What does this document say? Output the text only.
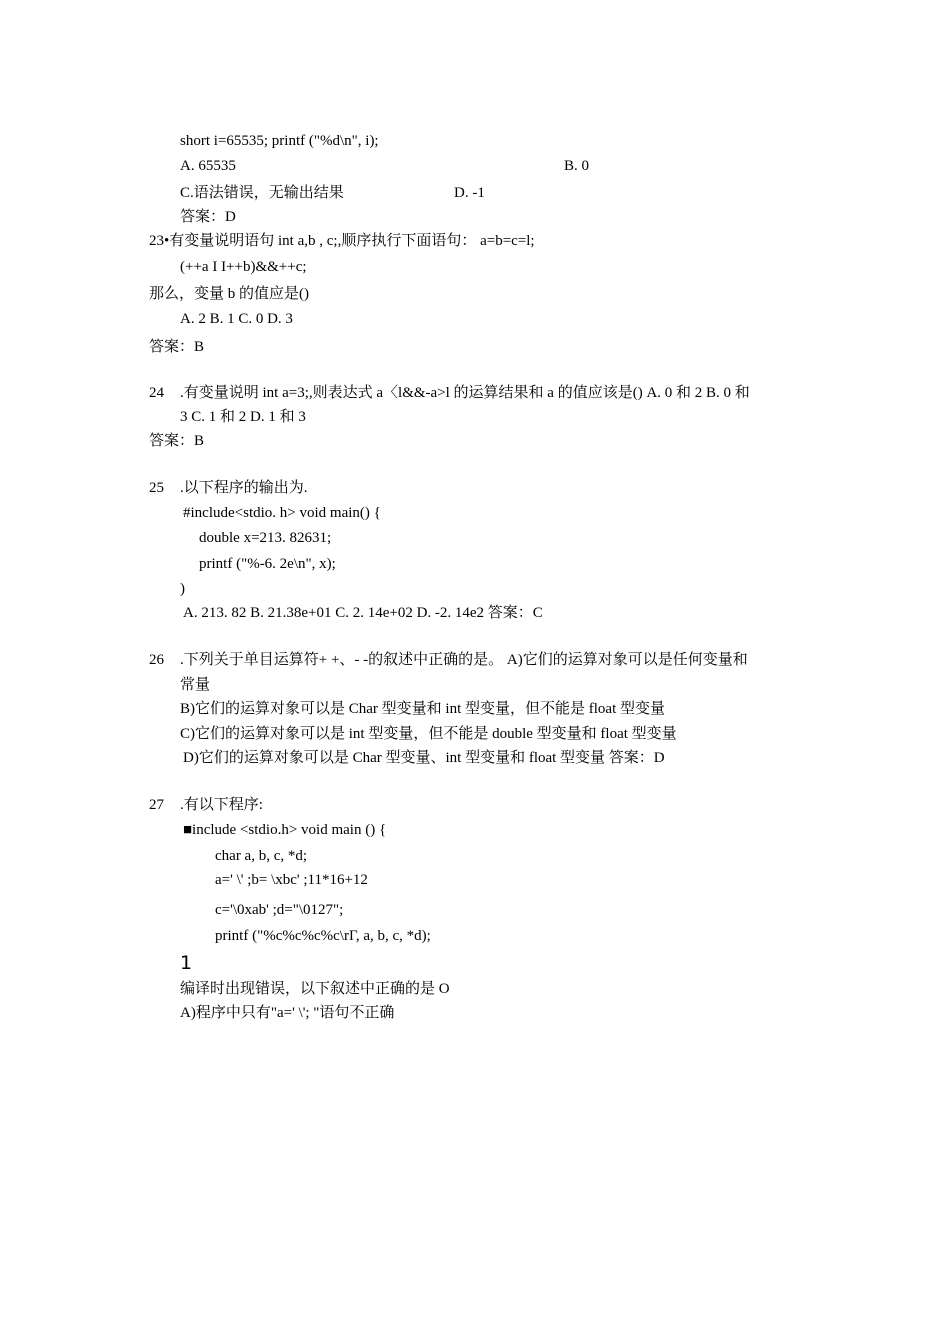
short i=65535; printf ("%d\n", i);
A. 65535	B. 0
C.语法错误，无输出结果	D. -1
答案：D
23•有变量说明语句 int a,b , c;,顺序执行下面语句： a=b=c=l;
(++a I I++b)&&++c;
那么，变量 b 的值应是()
A. 2 B. 1 C. 0 D. 3
答案：B
24 .有变量说明 int a=3;,则表达式 a〈l&&-a>l 的运算结果和 a 的值应该是() A. 0 和 2 B. 0 和
3 C. 1 和 2 D. 1 和 3
答案：B
25 .以下程序的输出为.
#include<stdio. h> void main() {
double x=213. 82631;
printf ("%-6. 2e\n", x);
)
A. 213. 82 B. 21.38e+01 C. 2. 14e+02 D. -2. 14e2 答案：C
26 .下列关于单目运算符+ +、- -的叙述中正确的是。 A)它们的运算对象可以是任何变量和
常量
B)它们的运算对象可以是 Char 型变量和 int 型变量，但不能是 float 型变量
C)它们的运算对象可以是 int 型变量，但不能是 double 型变量和 float 型变量
D)它们的运算对象可以是 Char 型变量、int 型变量和 float 型变量 答案：D
27 .有以下程序:
■include <stdio.h> void main () {
char a, b, c, *d;
a=' \' ;b= \xbc' ;11*16+12
c='\0xab' ;d="\0127";
printf ("%c%c%c%c\rΓ, a, b, c, *d);
1
编译时出现错误，以下叙述中正确的是 O
A)程序中只有"a=' \'; "语句不正确
